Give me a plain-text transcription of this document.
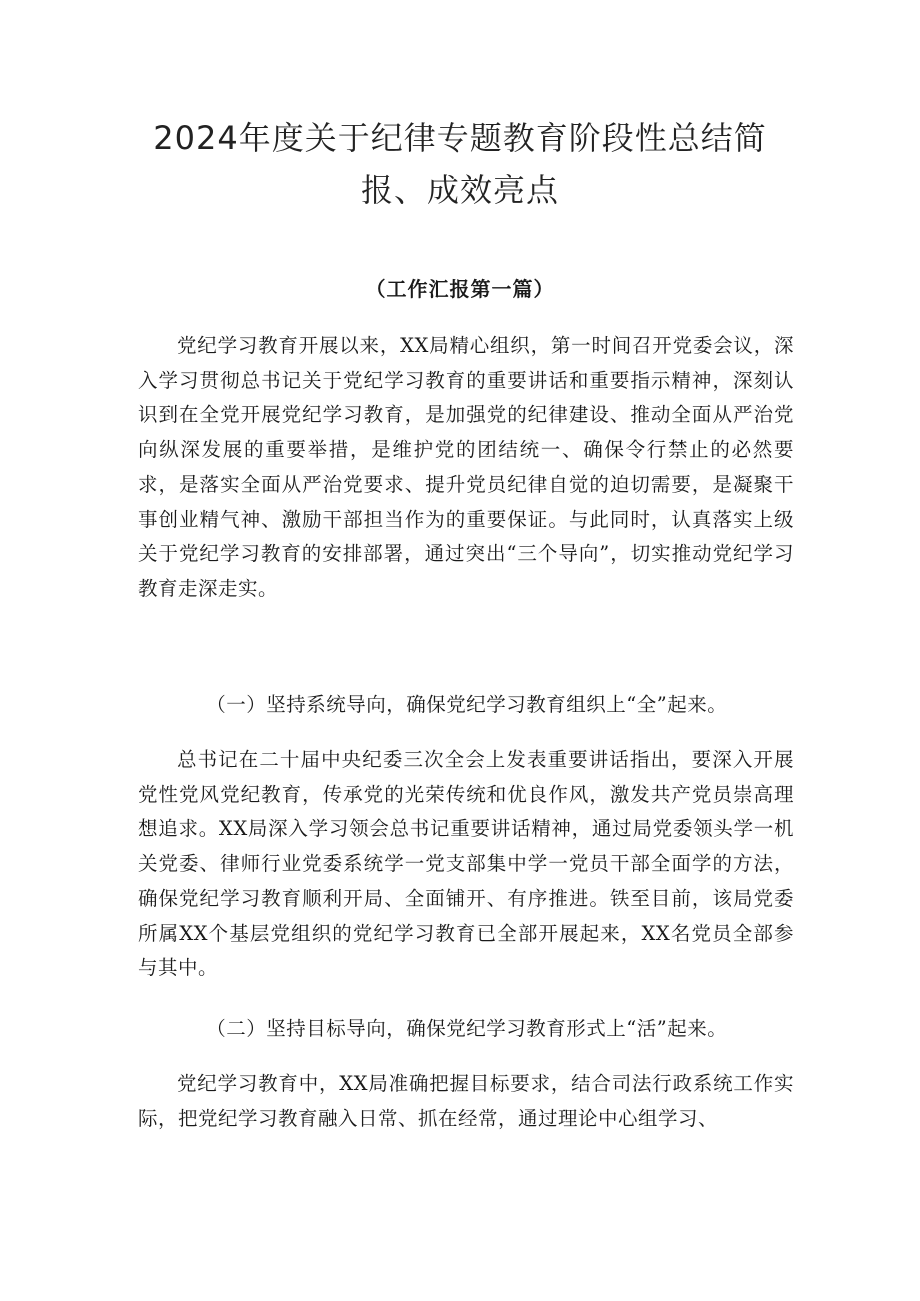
2024年度关于纪律专题教育阶段性总结简报、成效亮点
（工作汇报第一篇）

党纪学习教育开展以来，XX局精心组织，第一时间召开党委会议，深入学习贯彻总书记关于党纪学习教育的重要讲话和重要指示精神，深刻认识到在全党开展党纪学习教育，是加强党的纪律建设、推动全面从严治党向纵深发展的重要举措，是维护党的团结统一、确保令行禁止的必然要求，是落实全面从严治党要求、提升党员纪律自觉的迫切需要，是凝聚干事创业精气神、激励干部担当作为的重要保证。与此同时，认真落实上级关于党纪学习教育的安排部署，通过突出“三个导向”，切实推动党纪学习教育走深走实。

（一）坚持系统导向，确保党纪学习教育组织上“全”起来。

总书记在二十届中央纪委三次全会上发表重要讲话指出，要深入开展党性党风党纪教育，传承党的光荣传统和优良作风，激发共产党员崇高理想追求。XX局深入学习领会总书记重要讲话精神，通过局党委领头学一机关党委、律师行业党委系统学一党支部集中学一党员干部全面学的方法，确保党纪学习教育顺利开局、全面铺开、有序推进。铁至目前，该局党委所属XX个基层党组织的党纪学习教育已全部开展起来，XX名党员全部参与其中。

（二）坚持目标导向，确保党纪学习教育形式上“活”起来。

党纪学习教育中，XX局准确把握目标要求，结合司法行政系统工作实际，把党纪学习教育融入日常、抓在经常，通过理论中心组学习、
